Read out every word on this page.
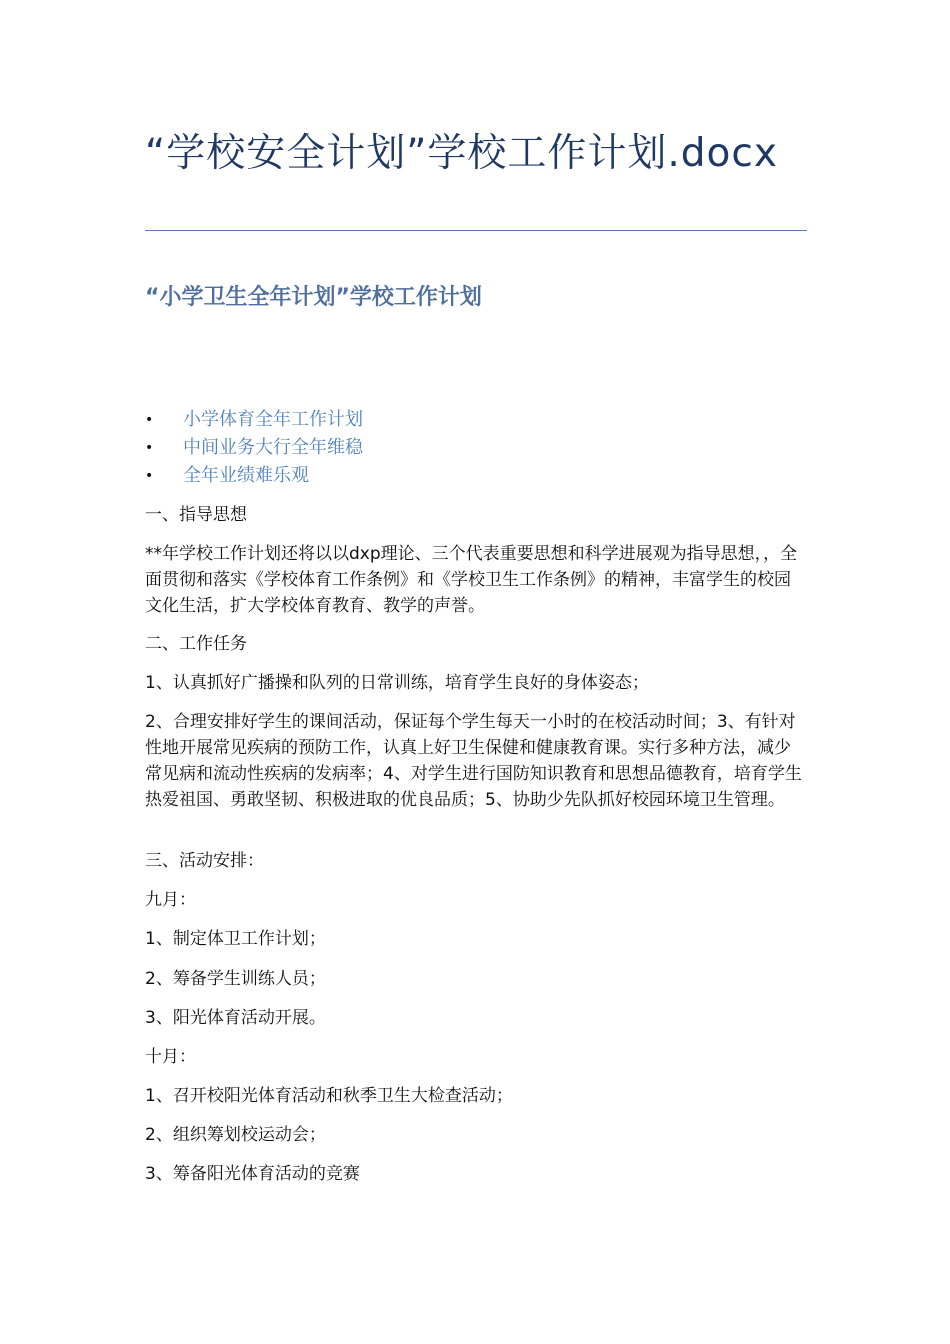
“学校安全计划”学校工作计划.docx
“小学卫生全年计划”学校工作计划
• 小学体育全年工作计划
• 中间业务大行全年维稳
• 全年业绩难乐观

一、指导思想

**年学校工作计划还将以以dxp理论、三个代表重要思想和科学进展观为指导思想，，全面贯彻和落实《学校体育工作条例》和《学校卫生工作条例》的精神，丰富学生的校园文化生活，扩大学校体育教育、教学的声誉。

二、工作任务

1、认真抓好广播操和队列的日常训练，培育学生良好的身体姿态；

2、合理安排好学生的课间活动，保证每个学生每天一小时的在校活动时间；3、有针对性地开展常见疾病的预防工作，认真上好卫生保健和健康教育课。实行多种方法，减少常见病和流动性疾病的发病率；4、对学生进行国防知识教育和思想品德教育，培育学生热爱祖国、勇敢坚韧、积极进取的优良品质；5、协助少先队抓好校园环境卫生管理。

三、活动安排：

九月：

1、制定体卫工作计划；

2、筹备学生训练人员；

3、阳光体育活动开展。

十月：

1、召开校阳光体育活动和秋季卫生大检查活动；

2、组织筹划校运动会；

3、筹备阳光体育活动的竞赛
